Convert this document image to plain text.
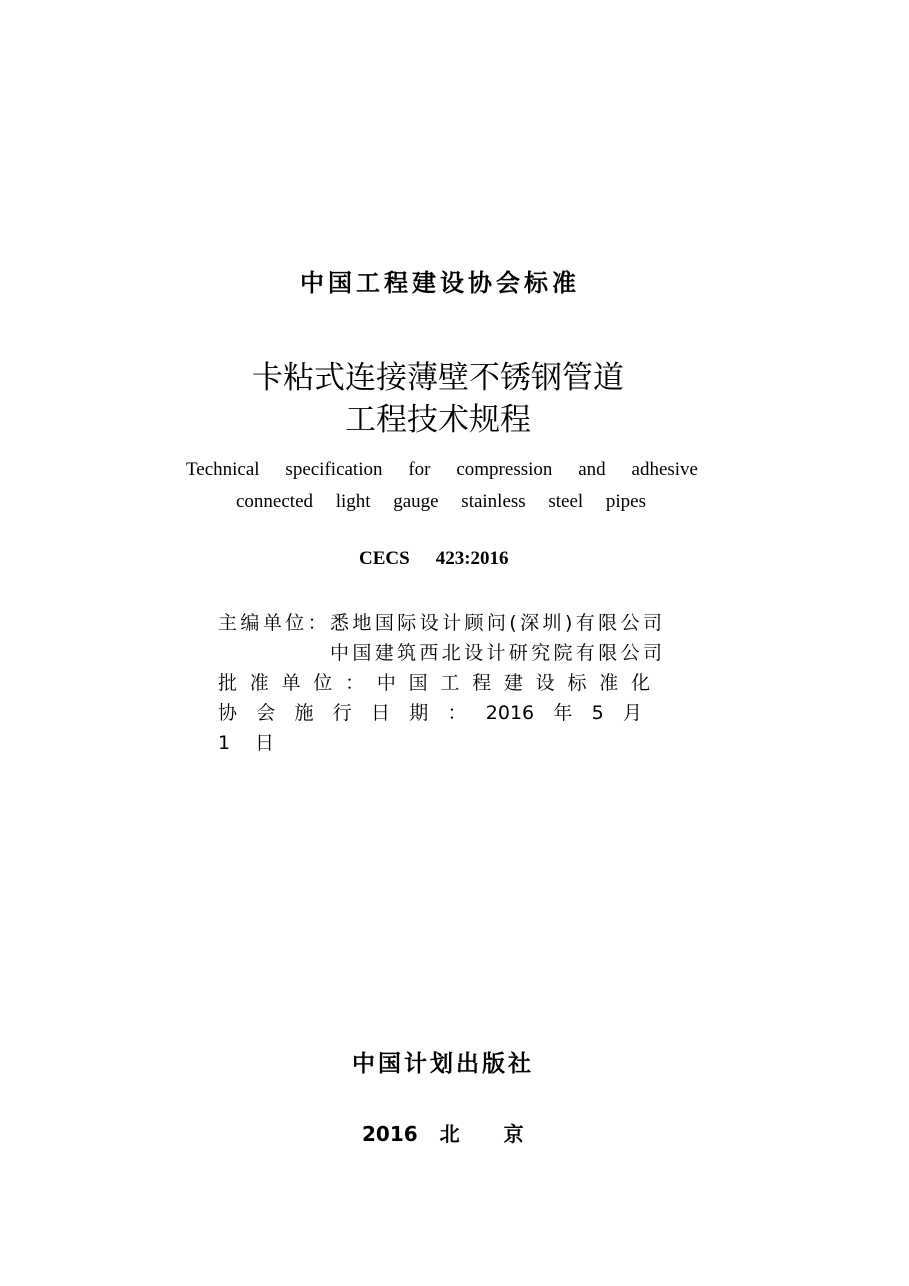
中国工程建设协会标准
卡粘式连接薄壁不锈钢管道
工程技术规程
Technical specification for compression and adhesive
connected light gauge stainless steel pipes
CECS 423:2016
主编单位：悉地国际设计顾问(深圳)有限公司
中国建筑西北设计研究院有限公司
批准单位：中国工程建设标准化
协会施行日期：2016年5月
1日
中国计划出版社
2016 北 京
